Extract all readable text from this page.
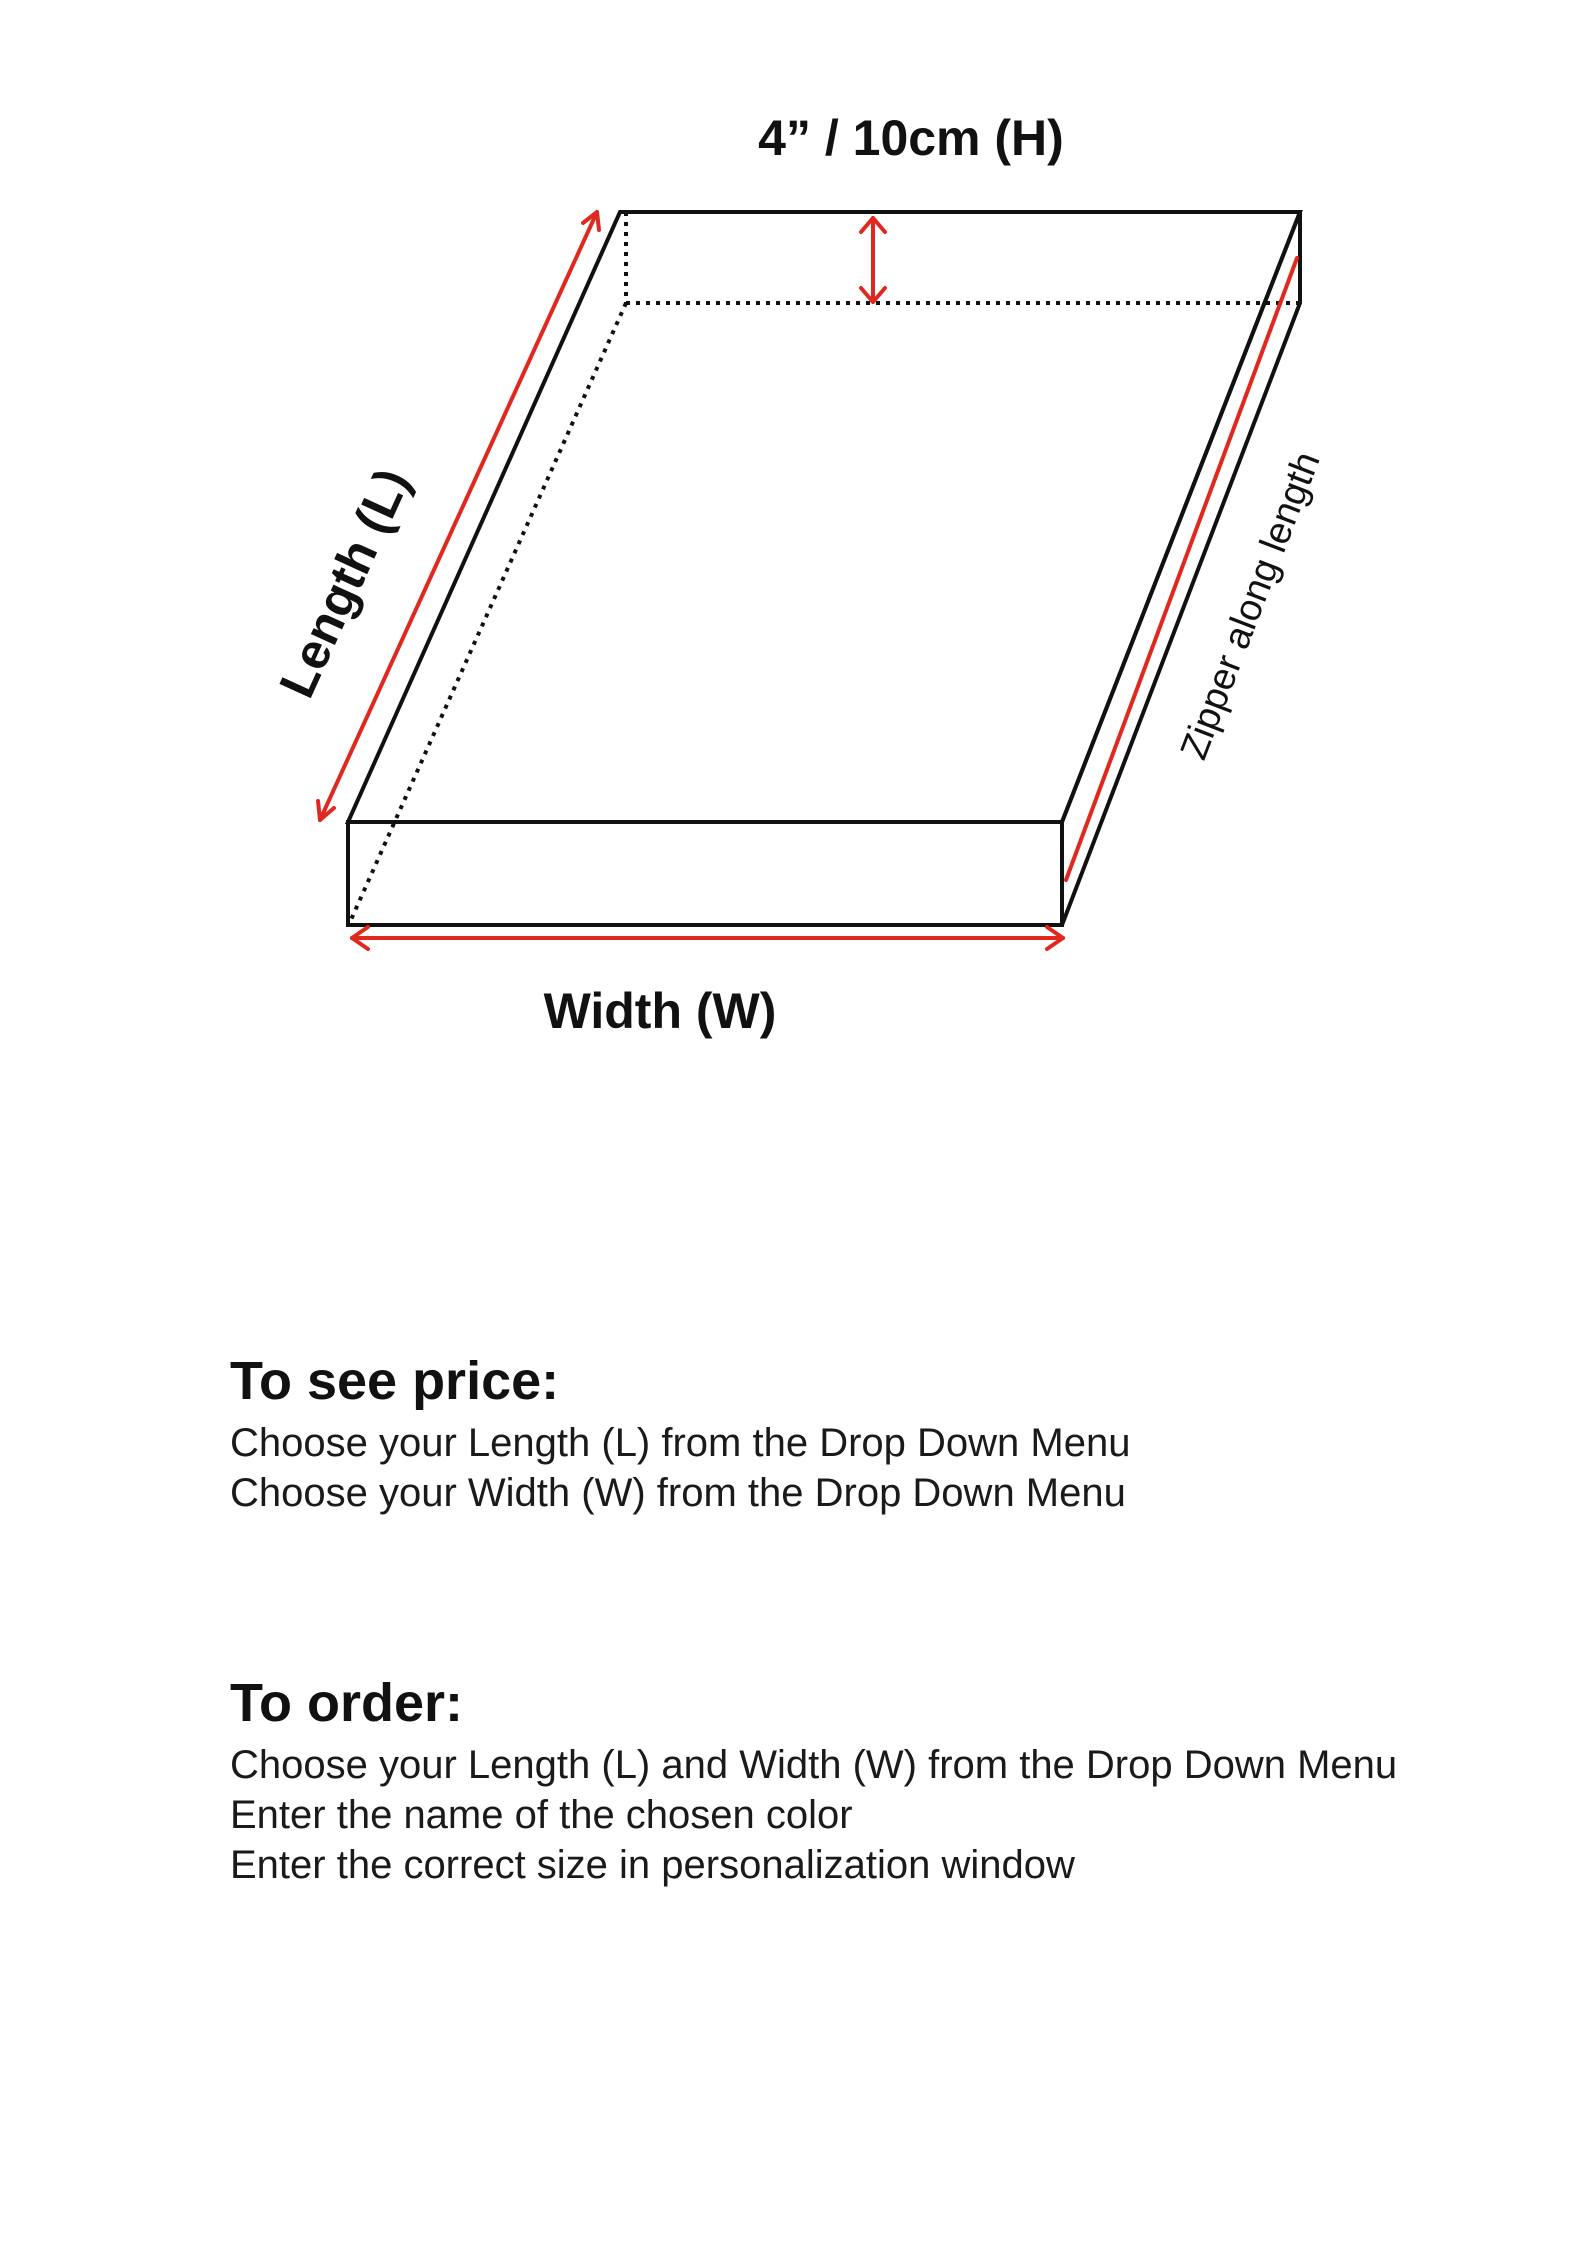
4” / 10cm (H)
Length (L)
Width (W)
Zipper along length
To see price:
Choose your Length (L) from the Drop Down Menu
Choose your Width (W) from the Drop Down Menu
To order:
Choose your Length (L) and Width (W) from the Drop Down Menu
Enter the name of the chosen color
Enter the correct size in personalization window
